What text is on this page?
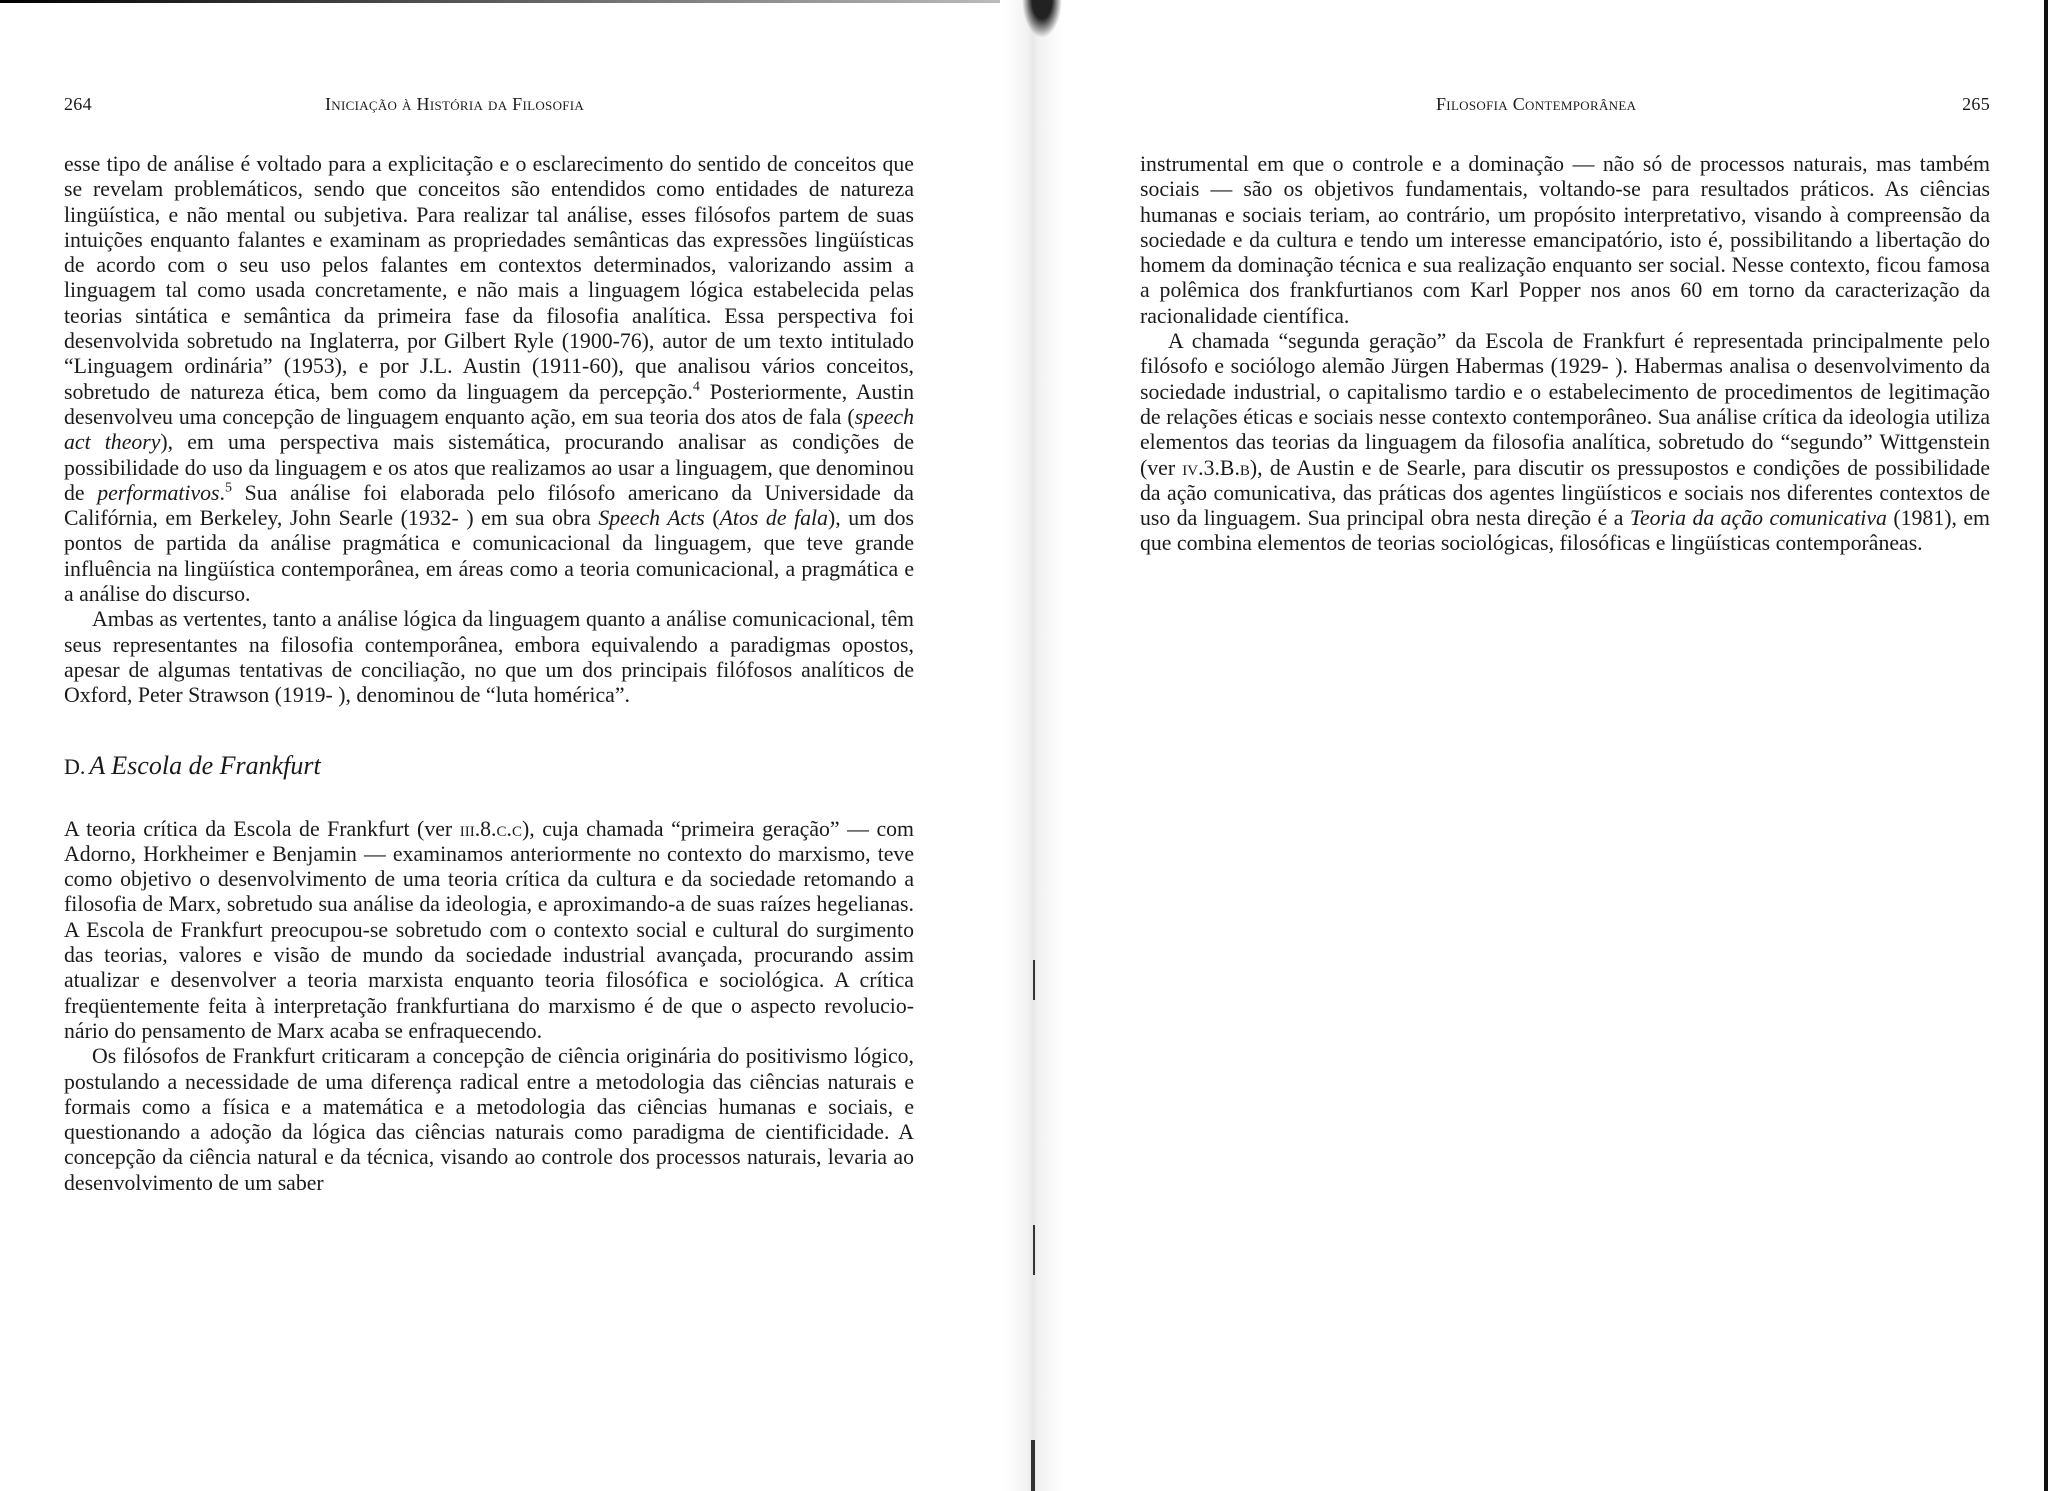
264	Iniciação à História da Filosofia

esse tipo de análise é voltado para a explicitação e o esclarecimento do sentido de conceitos que se revelam problemáticos, sendo que conceitos são entendidos como entidades de natureza lingüística, e não mental ou subjetiva. Para realizar tal análise, esses filósofos partem de suas intuições enquanto falantes e examinam as propriedades semânticas das expressões lingüísticas de acordo com o seu uso pelos falantes em contextos determinados, valorizando assim a linguagem tal como usada concretamente, e não mais a linguagem lógica estabelecida pelas teorias sintática e semântica da primeira fase da filosofia analítica. Essa perspectiva foi desenvolvida sobretudo na Inglaterra, por Gilbert Ryle (1900-76), autor de um texto intitulado “Linguagem ordinária” (1953), e por J.L. Austin (1911-60), que analisou vários conceitos, sobretudo de natureza ética, bem como da linguagem da percepção.$^4$ Posteriormente, Austin desenvolveu uma concepção de linguagem enquanto ação, em sua teoria dos atos de fala (speech act theory), em uma perspectiva mais sistemática, procurando analisar as condições de possibilidade do uso da linguagem e os atos que realizamos ao usar a linguagem, que denominou de performativos.$^5$ Sua análise foi elaborada pelo filósofo americano da Universidade da Califórnia, em Berkeley, John Searle (1932- ) em sua obra Speech Acts (Atos de fala), um dos pontos de partida da análise pragmática e comunicacional da linguagem, que teve grande influência na lingüística contemporânea, em áreas como a teoria comunicacional, a pragmática e a análise do discurso.

Ambas as vertentes, tanto a análise lógica da linguagem quanto a análise comunicacional, têm seus representantes na filosofia contemporânea, embora equivalendo a paradigmas opostos, apesar de algumas tentativas de conciliação, no que um dos principais filófosos analíticos de Oxford, Peter Strawson (1919- ), denominou de “luta homérica”.

D. A Escola de Frankfurt

A teoria crítica da Escola de Frankfurt (ver iii.8.c.c), cuja chamada “primeira geração” — com Adorno, Horkheimer e Benjamin — examinamos anteriormente no contexto do marxismo, teve como objetivo o desenvolvimento de uma teoria crítica da cultura e da sociedade retomando a filosofia de Marx, sobretudo sua análise da ideologia, e aproximando-a de suas raízes hegelianas. A Escola de Frankfurt preocupou-se sobretudo com o contexto social e cultural do surgimento das teorias, valores e visão de mundo da sociedade industrial avançada, procurando assim atualizar e desenvolver a teoria marxista enquanto teoria filosófica e sociológica. A crítica freqüentemente feita à interpretação frankfurtiana do marxismo é de que o aspecto revolucionário do pensamento de Marx acaba se enfraquecendo.

Os filósofos de Frankfurt criticaram a concepção de ciência originária do positivismo lógico, postulando a necessidade de uma diferença radical entre a metodologia das ciências naturais e formais como a física e a matemática e a metodologia das ciências humanas e sociais, e questionando a adoção da lógica das ciências naturais como paradigma de cientificidade. A concepção da ciência natural e da técnica, visando ao controle dos processos naturais, levaria ao desenvolvimento de um saber

Filosofia Contemporânea	265

instrumental em que o controle e a dominação — não só de processos naturais, mas também sociais — são os objetivos fundamentais, voltando-se para resultados práticos. As ciências humanas e sociais teriam, ao contrário, um propósito interpretativo, visando à compreensão da sociedade e da cultura e tendo um interesse emancipatório, isto é, possibilitando a libertação do homem da dominação técnica e sua realização enquanto ser social. Nesse contexto, ficou famosa a polêmica dos frankfurtianos com Karl Popper nos anos 60 em torno da caracterização da racionalidade científica.

A chamada “segunda geração” da Escola de Frankfurt é representada principalmente pelo filósofo e sociólogo alemão Jürgen Habermas (1929- ). Habermas analisa o desenvolvimento da sociedade industrial, o capitalismo tardio e o estabelecimento de procedimentos de legitimação de relações éticas e sociais nesse contexto contemporâneo. Sua análise crítica da ideologia utiliza elementos das teorias da linguagem da filosofia analítica, sobretudo do “segundo” Wittgenstein (ver iv.3.B.b), de Austin e de Searle, para discutir os pressupostos e condições de possibilidade da ação comunicativa, das práticas dos agentes lingüísticos e sociais nos diferentes contextos de uso da linguagem. Sua principal obra nesta direção é a Teoria da ação comunicativa (1981), em que combina elementos de teorias sociológicas, filosóficas e lingüísticas contemporâneas.
